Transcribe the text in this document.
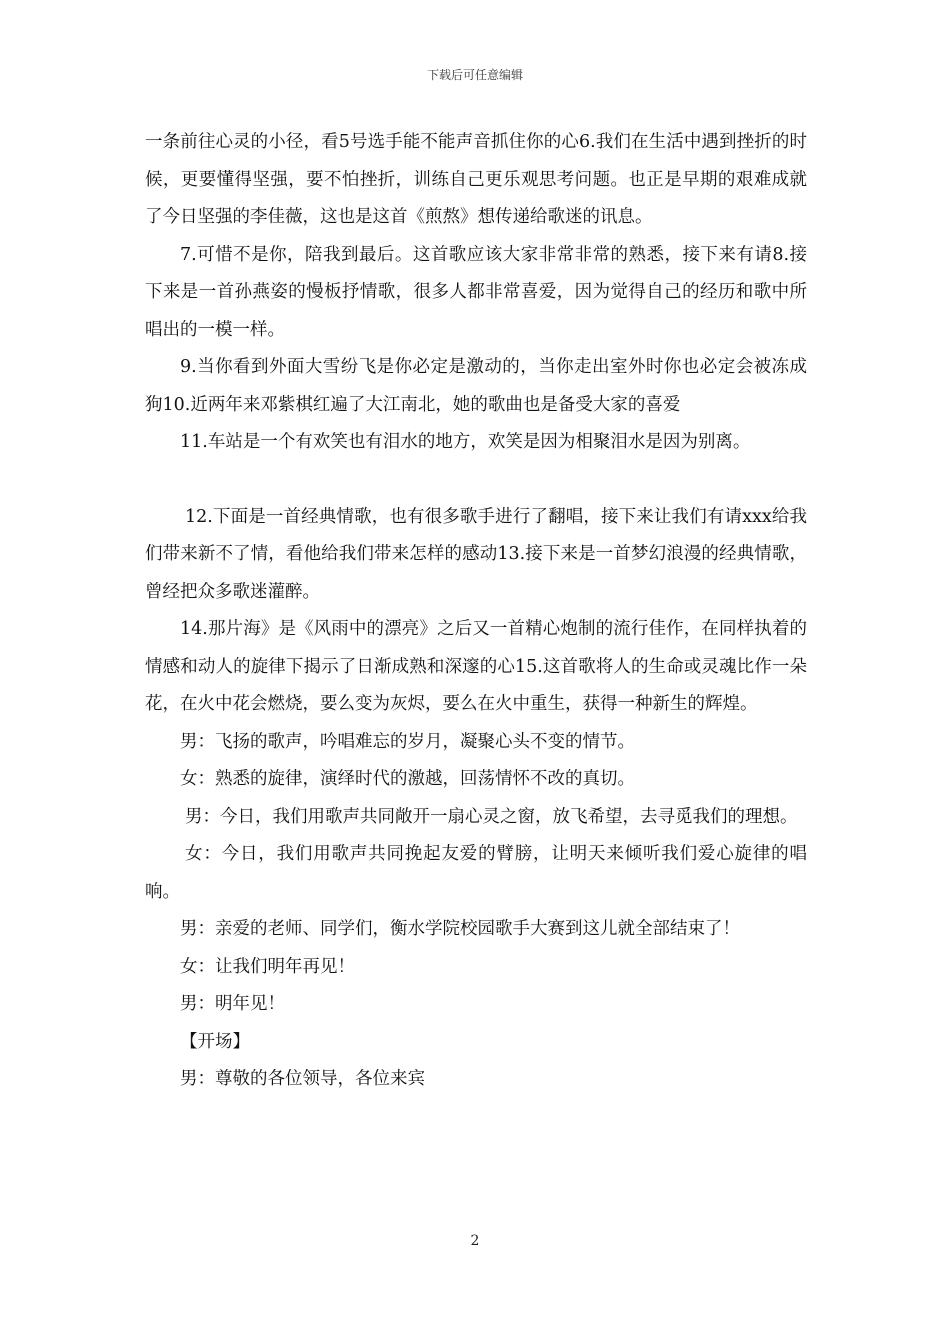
下载后可任意编辑

一条前往心灵的小径，看5号选手能不能声音抓住你的心6.我们在生活中遇到挫折的时候，更要懂得坚强，要不怕挫折，训练自己更乐观思考问题。也正是早期的艰难成就了今日坚强的李佳薇，这也是这首《煎熬》想传递给歌迷的讯息。

7.可惜不是你，陪我到最后。这首歌应该大家非常非常的熟悉，接下来有请8.接下来是一首孙燕姿的慢板抒情歌，很多人都非常喜爱，因为觉得自己的经历和歌中所唱出的一模一样。

9.当你看到外面大雪纷飞是你必定是激动的，当你走出室外时你也必定会被冻成狗10.近两年来邓紫棋红遍了大江南北，她的歌曲也是备受大家的喜爱

11.车站是一个有欢笑也有泪水的地方，欢笑是因为相聚泪水是因为别离。

12.下面是一首经典情歌，也有很多歌手进行了翻唱，接下来让我们有请xxx给我们带来新不了情，看他给我们带来怎样的感动13.接下来是一首梦幻浪漫的经典情歌，曾经把众多歌迷灌醉。

14.那片海》是《风雨中的漂亮》之后又一首精心炮制的流行佳作，在同样执着的情感和动人的旋律下揭示了日渐成熟和深邃的心15.这首歌将人的生命或灵魂比作一朵花，在火中花会燃烧，要么变为灰烬，要么在火中重生，获得一种新生的辉煌。

男：飞扬的歌声，吟唱难忘的岁月，凝聚心头不变的情节。

女：熟悉的旋律，演绎时代的激越，回荡情怀不改的真切。

男：今日，我们用歌声共同敞开一扇心灵之窗，放飞希望，去寻觅我们的理想。

女：今日，我们用歌声共同挽起友爱的臂膀，让明天来倾听我们爱心旋律的唱响。

男：亲爱的老师、同学们，衡水学院校园歌手大赛到这儿就全部结束了！

女：让我们明年再见！

男：明年见！

【开场】

男：尊敬的各位领导，各位来宾

2
